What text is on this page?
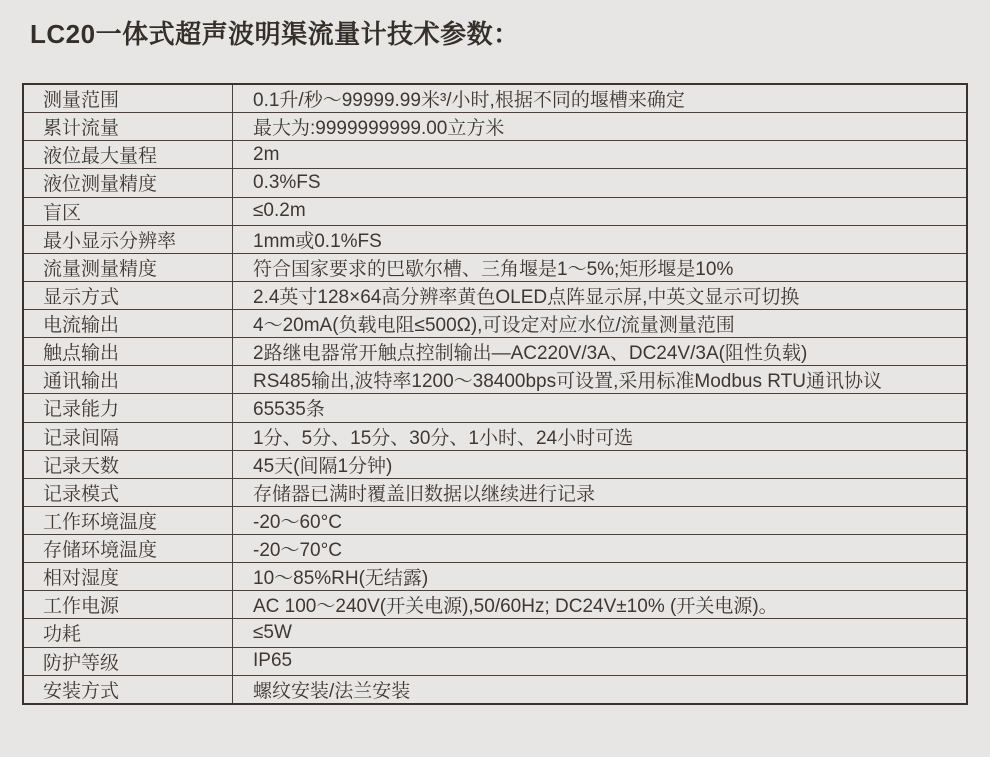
LC20一体式超声波明渠流量计技术参数：
测量范围	0.1升/秒～99999.99米³/小时,根据不同的堰槽来确定
累计流量	最大为:9999999999.00立方米
液位最大量程	2m
液位测量精度	0.3%FS
盲区	≤0.2m
最小显示分辨率	1mm或0.1%FS
流量测量精度	符合国家要求的巴歇尔槽、三角堰是1～5%;矩形堰是10%
显示方式	2.4英寸128×64高分辨率黄色OLED点阵显示屏,中英文显示可切换
电流输出	4～20mA(负载电阻≤500Ω),可设定对应水位/流量测量范围
触点输出	2路继电器常开触点控制输出—AC220V/3A、DC24V/3A(阻性负载)
通讯输出	RS485输出,波特率1200～38400bps可设置,采用标准Modbus RTU通讯协议
记录能力	65535条
记录间隔	1分、5分、15分、30分、1小时、24小时可选
记录天数	45天(间隔1分钟)
记录模式	存储器已满时覆盖旧数据以继续进行记录
工作环境温度	-20～60°C
存储环境温度	-20～70°C
相对湿度	10～85%RH(无结露)
工作电源	AC 100～240V(开关电源),50/60Hz; DC24V±10% (开关电源)。
功耗	≤5W
防护等级	IP65
安装方式	螺纹安装/法兰安装
